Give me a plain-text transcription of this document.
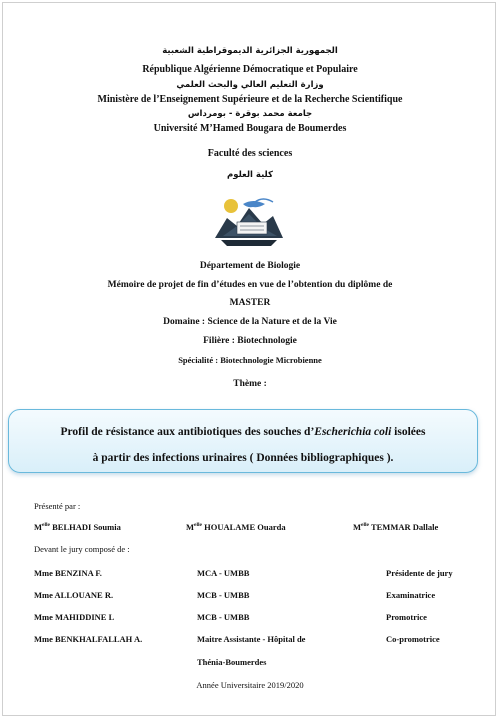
الجمهورية الجزائرية الديموقراطية الشعبية
République Algérienne Démocratique et Populaire
وزارة التعليم العالي والبحث العلمي
Ministère de l’Enseignement Supérieure et de la Recherche Scientifique
جامعة محمد بوقرة - بومرداس
Université M’Hamed Bougara de Boumerdes
Faculté des sciences
كلية العلوم
Département de Biologie
Mémoire de projet de fin d’études en vue de l’obtention du diplôme de
MASTER
Domaine : Science de la Nature et de la Vie
Filière : Biotechnologie
Spécialité : Biotechnologie Microbienne
Thème :
Profil de résistance aux antibiotiques des souches d’Escherichia coli isolées
à partir des infections urinaires ( Données bibliographiques ).
Présenté par :
$M^{elle}$ BELHADI Soumia	$M^{elle}$ HOUALAME Ouarda	$M^{elle}$ TEMMAR Dallale
Devant le jury composé de :
Mme BENZINA F.	MCA - UMBB	Présidente de jury
Mme ALLOUANE R.	MCB - UMBB	Examinatrice
Mme MAHIDDINE L	MCB - UMBB	Promotrice
Mme BENKHALFALLAH A.	Maitre Assistante - Hôpital de	Co-promotrice
Thénia-Boumerdes
Année Universitaire 2019/2020
